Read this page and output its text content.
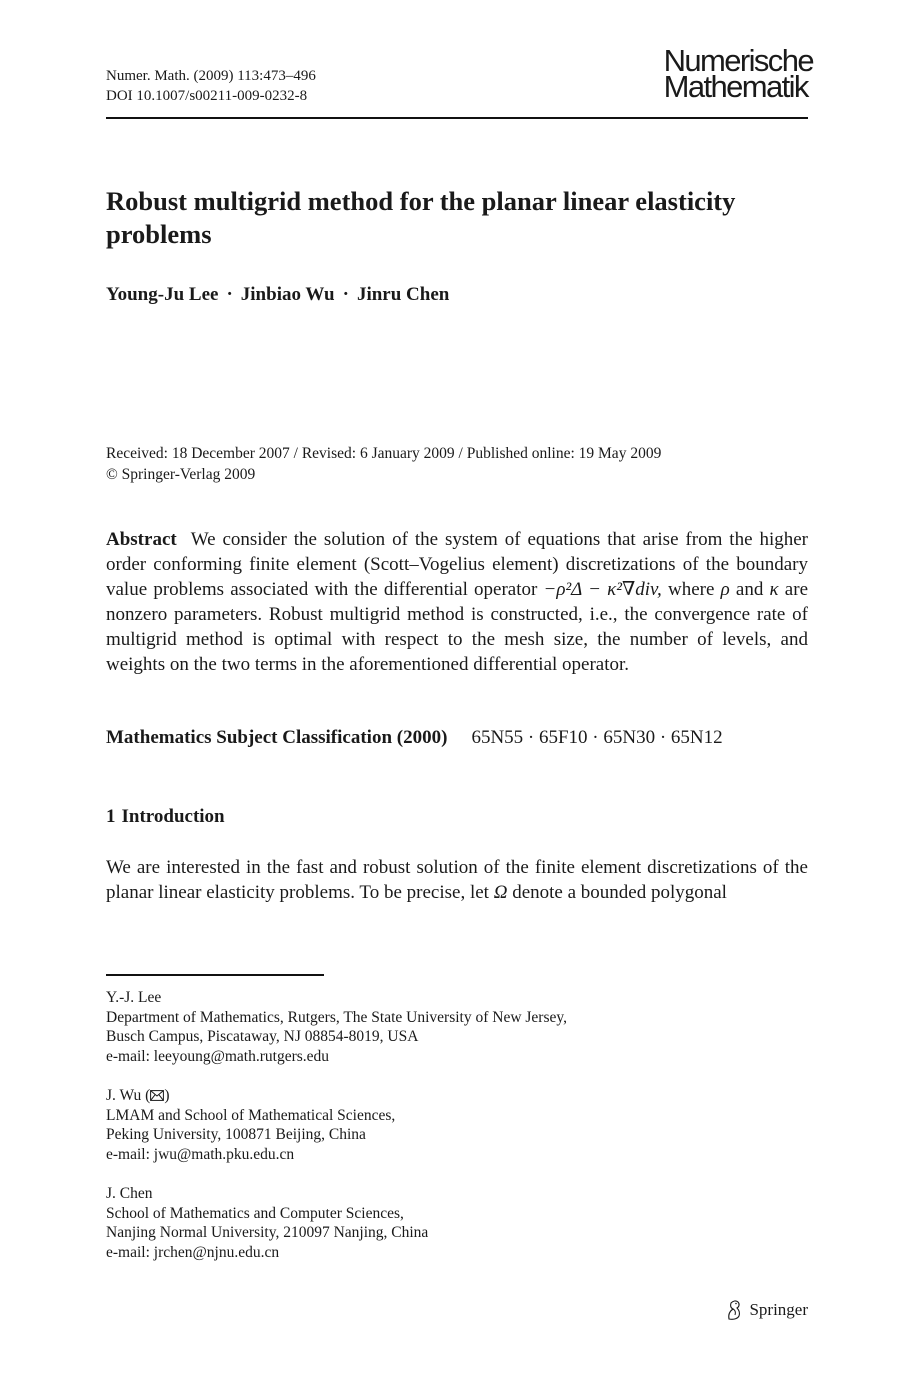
Numer. Math. (2009) 113:473–496
DOI 10.1007/s00211-009-0232-8
Numerische
Mathematik
Robust multigrid method for the planar linear elasticity
problems
Young-Ju Lee · Jinbiao Wu · Jinru Chen
Received: 18 December 2007 / Revised: 6 January 2009 / Published online: 19 May 2009
© Springer-Verlag 2009
Abstract We consider the solution of the system of equations that arise from the higher order conforming finite element (Scott–Vogelius element) discretizations of the boundary value problems associated with the differential operator −ρ²Δ − κ²∇div, where ρ and κ are nonzero parameters. Robust multigrid method is constructed, i.e., the convergence rate of multigrid method is optimal with respect to the mesh size, the number of levels, and weights on the two terms in the aforementioned differential operator.
Mathematics Subject Classification (2000) 65N55 · 65F10 · 65N30 · 65N12
1 Introduction
We are interested in the fast and robust solution of the finite element discretizations of the planar linear elasticity problems. To be precise, let Ω denote a bounded polygonal
Y.-J. Lee
Department of Mathematics, Rutgers, The State University of New Jersey,
Busch Campus, Piscataway, NJ 08854-8019, USA
e-mail: leeyoung@math.rutgers.edu
J. Wu ( )
LMAM and School of Mathematical Sciences,
Peking University, 100871 Beijing, China
e-mail: jwu@math.pku.edu.cn
J. Chen
School of Mathematics and Computer Sciences,
Nanjing Normal University, 210097 Nanjing, China
e-mail: jrchen@njnu.edu.cn
Springer
